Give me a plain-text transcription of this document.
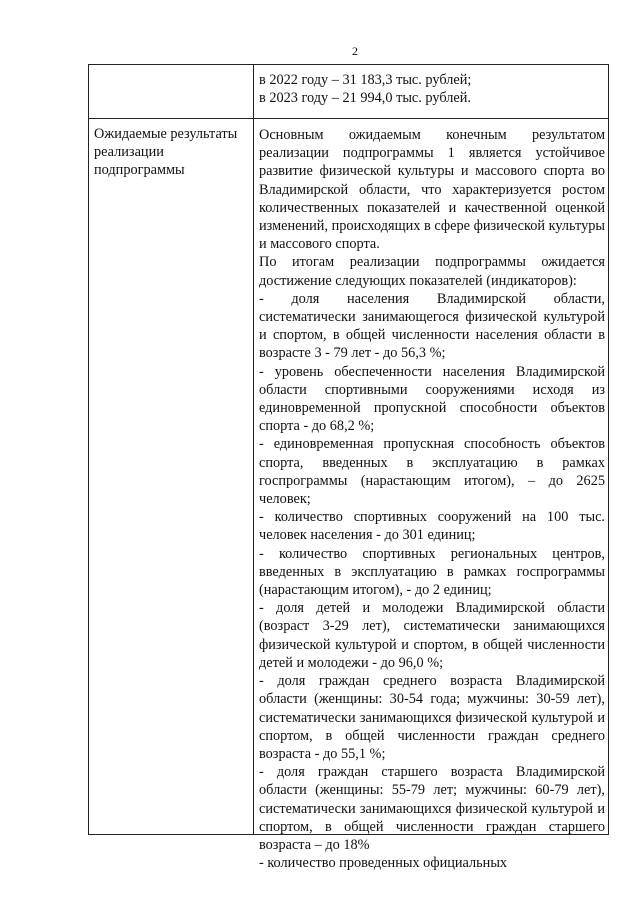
2
в 2022 году – 31 183,3 тыс. рублей;
в 2023 году – 21 994,0 тыс. рублей.
Ожидаемые результаты
реализации
подпрограммы

Основным ожидаемым конечным результатом реализации подпрограммы 1 является устойчивое развитие физической культуры и массового спорта во Владимирской области, что характеризуется ростом количественных показателей и качественной оценкой изменений, происходящих в сфере физической культуры и массового спорта.

По итогам реализации подпрограммы ожидается достижение следующих показателей (индикаторов):

- доля населения Владимирской области, систематически занимающегося физической культурой и спортом, в общей численности населения области в возрасте 3 - 79 лет - до 56,3 %;

- уровень обеспеченности населения Владимирской области спортивными сооружениями исходя из единовременной пропускной способности объектов спорта - до 68,2 %;

- единовременная пропускная способность объектов спорта, введенных в эксплуатацию в рамках госпрограммы (нарастающим итогом), – до 2625 человек;

- количество спортивных сооружений на 100 тыс. человек населения - до 301 единиц;

- количество спортивных региональных центров, введенных в эксплуатацию в рамках госпрограммы (нарастающим итогом), - до 2 единиц;

- доля детей и молодежи Владимирской области (возраст 3-29 лет), систематически занимающихся физической культурой и спортом, в общей численности детей и молодежи - до 96,0 %;

- доля граждан среднего возраста Владимирской области (женщины: 30-54 года; мужчины: 30-59 лет), систематически занимающихся физической культурой и спортом, в общей численности граждан среднего возраста - до 55,1 %;

- доля граждан старшего возраста Владимирской области (женщины: 55-79 лет; мужчины: 60-79 лет), систематически занимающихся физической культурой и спортом, в общей численности граждан старшего возраста – до 18%

- количество проведенных официальных
